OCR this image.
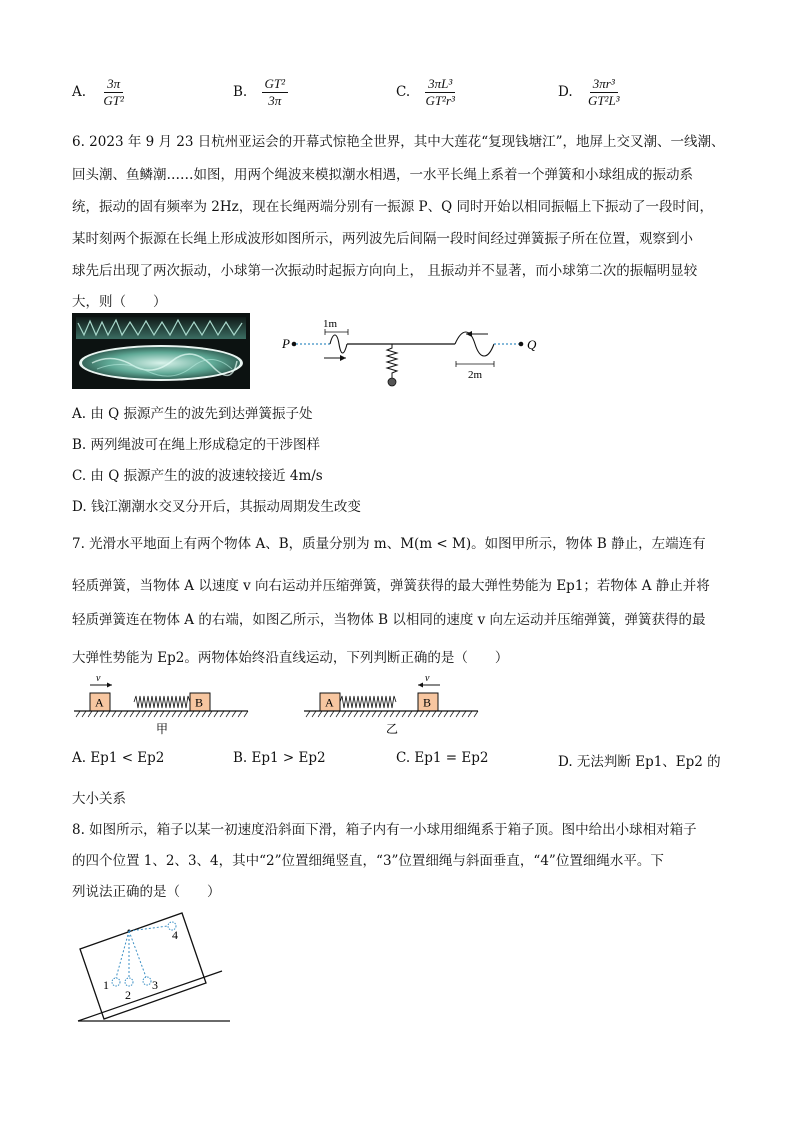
A. $\frac{3\pi}{\text{GT²}}$	B. $\frac{\text{GT²}}{3\pi}$	C. $\frac{\text{3πL³}}{\text{GT²r³}}$	D. $\frac{\text{3πr³}}{\text{GT²L³}}$
6. 2023 年 9 月 23 日杭州亚运会的开幕式惊艳全世界，其中大莲花“复现钱塘江”，地屏上交叉潮、一线潮、
回头潮、鱼鳞潮……如图，用两个绳波来模拟潮水相遇，一水平长绳上系着一个弹簧和小球组成的振动系
统，振动的固有频率为 2Hz，现在长绳两端分别有一振源 P、Q 同时开始以相同振幅上下振动了一段时间，
某时刻两个振源在长绳上形成波形如图所示，两列波先后间隔一段时间经过弹簧振子所在位置，观察到小
球先后出现了两次振动，小球第一次振动时起振方向向上， 且振动并不显著，而小球第二次的振幅明显较
大，则（　　）
P	Q
1m
2m
A. 由 Q 振源产生的波先到达弹簧振子处
B. 两列绳波可在绳上形成稳定的干涉图样
C. 由 Q 振源产生的波的波速较接近 4m/s
D. 钱江潮潮水交叉分开后，其振动周期发生改变
7. 光滑水平地面上有两个物体 A、B，质量分别为 m、M(m < M)。如图甲所示，物体 B 静止，左端连有
轻质弹簧，当物体 A 以速度 v 向右运动并压缩弹簧，弹簧获得的最大弹性势能为 Ep1；若物体 A 静止并将
轻质弹簧连在物体 A 的右端，如图乙所示，当物体 B 以相同的速度 v 向左运动并压缩弹簧，弹簧获得的最
大弹性势能为 Ep2。两物体始终沿直线运动，下列判断正确的是（　　）
v
A	B
甲
A
v
B
乙
A. Ep1 < Ep2	B. Ep1 > Ep2	C. Ep1 = Ep2	D. 无法判断 Ep1、Ep2 的
大小关系
8. 如图所示，箱子以某一初速度沿斜面下滑，箱子内有一小球用细绳系于箱子顶。图中给出小球相对箱子
的四个位置 1、2、3、4，其中“2”位置细绳竖直，“3”位置细绳与斜面垂直，“4”位置细绳水平。下
列说法正确的是（　　）
1
2
3
4
